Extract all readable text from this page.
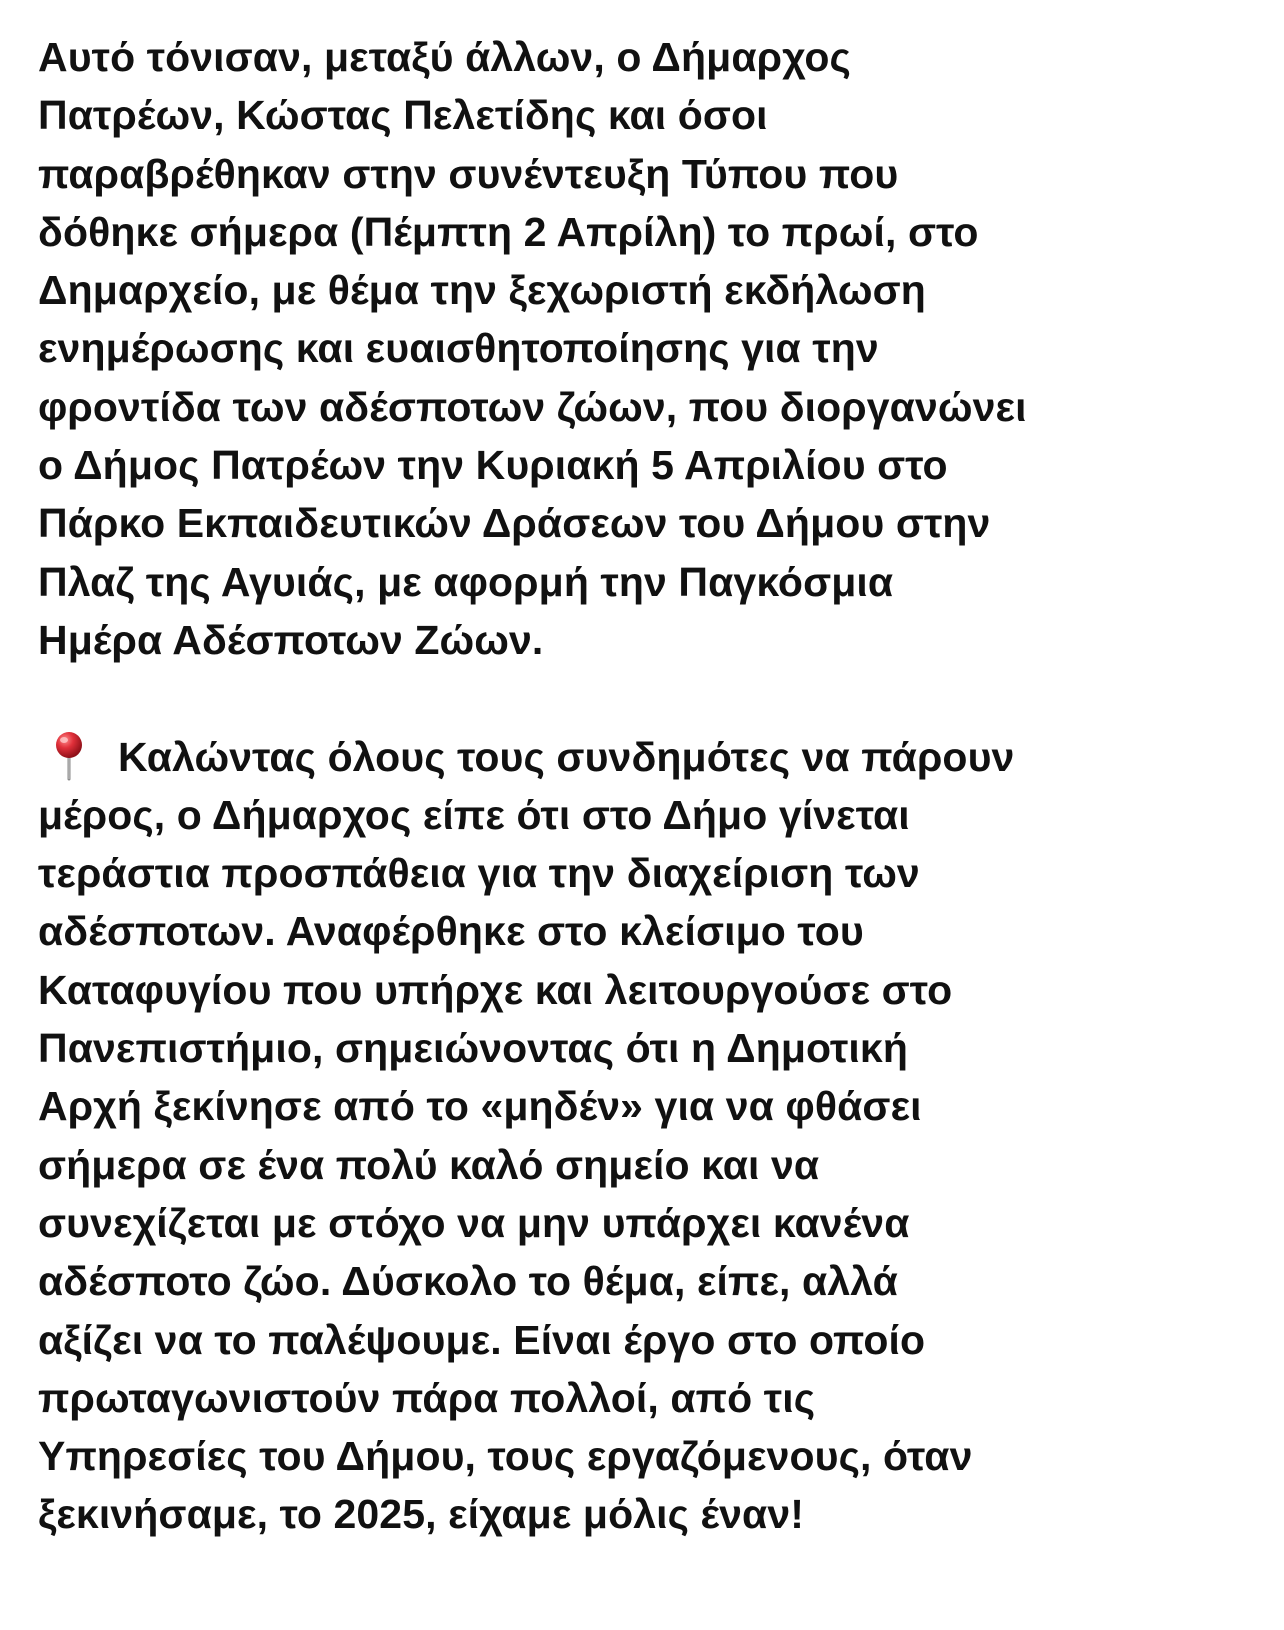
Αυτό τόνισαν, μεταξύ άλλων, ο Δήμαρχος
Πατρέων, Κώστας Πελετίδης και όσοι
παραβρέθηκαν στην συνέντευξη Τύπου που
δόθηκε σήμερα (Πέμπτη 2 Απρίλη) το πρωί, στο
Δημαρχείο, με θέμα την ξεχωριστή εκδήλωση
ενημέρωσης και ευαισθητοποίησης για την
φροντίδα των αδέσποτων ζώων, που διοργανώνει
ο Δήμος Πατρέων την Κυριακή 5 Απριλίου στο
Πάρκο Εκπαιδευτικών Δράσεων του Δήμου στην
Πλαζ της Αγυιάς, με αφορμή την Παγκόσμια
Ημέρα Αδέσποτων Ζώων.

Καλώντας όλους τους συνδημότες να πάρουν
μέρος, ο Δήμαρχος είπε ότι στο Δήμο γίνεται
τεράστια προσπάθεια για την διαχείριση των
αδέσποτων. Αναφέρθηκε στο κλείσιμο του
Καταφυγίου που υπήρχε και λειτουργούσε στο
Πανεπιστήμιο, σημειώνοντας ότι η Δημοτική
Αρχή ξεκίνησε από το «μηδέν» για να φθάσει
σήμερα σε ένα πολύ καλό σημείο και να
συνεχίζεται με στόχο να μην υπάρχει κανένα
αδέσποτο ζώο. Δύσκολο το θέμα, είπε, αλλά
αξίζει να το παλέψουμε. Είναι έργο στο οποίο
πρωταγωνιστούν πάρα πολλοί, από τις
Υπηρεσίες του Δήμου, τους εργαζόμενους, όταν
ξεκινήσαμε, το 2025, είχαμε μόλις έναν!
